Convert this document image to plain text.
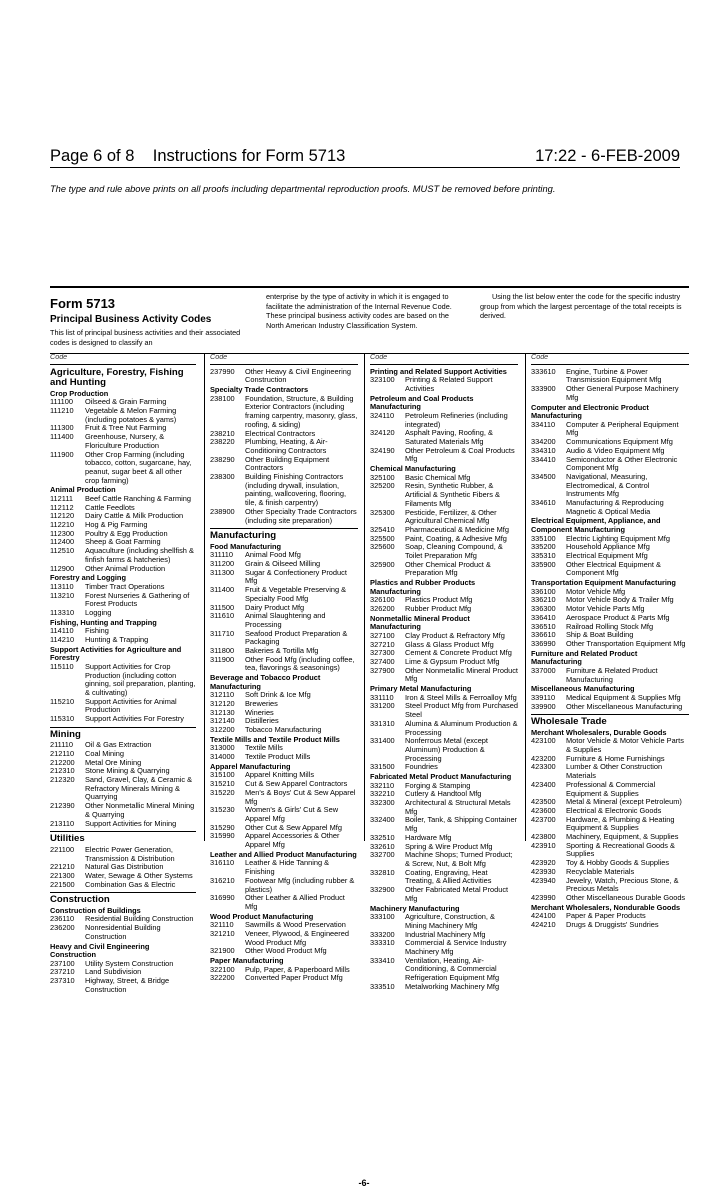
Page 6 of 8    Instructions for Form 5713	17:22 - 6-FEB-2009
The type and rule above prints on all proofs including departmental reproduction proofs. MUST be removed before printing.
Form 5713
Principal Business Activity Codes
This list of principal business activities and their associated codes is designed to classify an
enterprise by the type of activity in which it is engaged to facilitate the administration of the Internal Revenue Code. These principal business activity codes are based on the North American Industry Classification System.
Using the list below enter the code for the specific industry group from which the largest percentage of the total receipts is derived.
Code
Agriculture, Forestry, Fishing and Hunting
Crop Production
111100	Oilseed & Grain Farming
111210	Vegetable & Melon Farming (including potatoes & yams)
111300	Fruit & Tree Nut Farming
111400	Greenhouse, Nursery, & Floriculture Production
111900	Other Crop Farming (including tobacco, cotton, sugarcane, hay, peanut, sugar beet & all other crop farming)
Animal Production
112111	Beef Cattle Ranching & Farming
112112	Cattle Feedlots
112120	Dairy Cattle & Milk Production
112210	Hog & Pig Farming
112300	Poultry & Egg Production
112400	Sheep & Goat Farming
112510	Aquaculture (including shellfish & finfish farms & hatcheries)
112900	Other Animal Production
Forestry and Logging
113110	Timber Tract Operations
113210	Forest Nurseries & Gathering of Forest Products
113310	Logging
Fishing, Hunting and Trapping
114110	Fishing
114210	Hunting & Trapping
Support Activities for Agriculture and Forestry
115110	Support Activities for Crop Production (including cotton ginning, soil preparation, planting, & cultivating)
115210	Support Activities for Animal Production
115310	Support Activities For Forestry
Mining
211110	Oil & Gas Extraction
212110	Coal Mining
212200	Metal Ore Mining
212310	Stone Mining & Quarrying
212320	Sand, Gravel, Clay, & Ceramic & Refractory Minerals Mining & Quarrying
212390	Other Nonmetallic Mineral Mining & Quarrying
213110	Support Activities for Mining
Utilities
221100	Electric Power Generation, Transmission & Distribution
221210	Natural Gas Distribution
221300	Water, Sewage & Other Systems
221500	Combination Gas & Electric
Construction
Construction of Buildings
236110	Residential Building Construction
236200	Nonresidential Building Construction
Heavy and Civil Engineering Construction
237100	Utility System Construction
237210	Land Subdivision
237310	Highway, Street, & Bridge Construction
Code
237990	Other Heavy & Civil Engineering Construction
Specialty Trade Contractors
238100	Foundation, Structure, & Building Exterior Contractors (including framing carpentry, masonry, glass, roofing, & siding)
238210	Electrical Contractors
238220	Plumbing, Heating, & Air-Conditioning Contractors
238290	Other Building Equipment Contractors
238300	Building Finishing Contractors (including drywall, insulation, painting, wallcovering, flooring, tile, & finish carpentry)
238900	Other Specialty Trade Contractors (including site preparation)
Manufacturing
Food Manufacturing
311110	Animal Food Mfg
311200	Grain & Oilseed Milling
311300	Sugar & Confectionery Product Mfg
311400	Fruit & Vegetable Preserving & Specialty Food Mfg
311500	Dairy Product Mfg
311610	Animal Slaughtering and Processing
311710	Seafood Product Preparation & Packaging
311800	Bakeries & Tortilla Mfg
311900	Other Food Mfg (including coffee, tea, flavorings & seasonings)
Beverage and Tobacco Product Manufacturing
312110	Soft Drink & Ice Mfg
312120	Breweries
312130	Wineries
312140	Distilleries
312200	Tobacco Manufacturing
Textile Mills and Textile Product Mills
313000	Textile Mills
314000	Textile Product Mills
Apparel Manufacturing
315100	Apparel Knitting Mills
315210	Cut & Sew Apparel Contractors
315220	Men's & Boys' Cut & Sew Apparel Mfg
315230	Women's & Girls' Cut & Sew Apparel Mfg
315290	Other Cut & Sew Apparel Mfg
315990	Apparel Accessories & Other Apparel Mfg
Leather and Allied Product Manufacturing
316110	Leather & Hide Tanning & Finishing
316210	Footwear Mfg (including rubber & plastics)
316990	Other Leather & Allied Product Mfg
Wood Product Manufacturing
321110	Sawmills & Wood Preservation
321210	Veneer, Plywood, & Engineered Wood Product Mfg
321900	Other Wood Product Mfg
Paper Manufacturing
322100	Pulp, Paper, & Paperboard Mills
322200	Converted Paper Product Mfg
Code
Printing and Related Support Activities
323100	Printing & Related Support Activities
Petroleum and Coal Products Manufacturing
324110	Petroleum Refineries (including integrated)
324120	Asphalt Paving, Roofing, & Saturated Materials Mfg
324190	Other Petroleum & Coal Products Mfg
Chemical Manufacturing
325100	Basic Chemical Mfg
325200	Resin, Synthetic Rubber, & Artificial & Synthetic Fibers & Filaments Mfg
325300	Pesticide, Fertilizer, & Other Agricultural Chemical Mfg
325410	Pharmaceutical & Medicine Mfg
325500	Paint, Coating, & Adhesive Mfg
325600	Soap, Cleaning Compound, & Toilet Preparation Mfg
325900	Other Chemical Product & Preparation Mfg
Plastics and Rubber Products Manufacturing
326100	Plastics Product Mfg
326200	Rubber Product Mfg
Nonmetallic Mineral Product Manufacturing
327100	Clay Product & Refractory Mfg
327210	Glass & Glass Product Mfg
327300	Cement & Concrete Product Mfg
327400	Lime & Gypsum Product Mfg
327900	Other Nonmetallic Mineral Product Mfg
Primary Metal Manufacturing
331110	Iron & Steel Mills & Ferroalloy Mfg
331200	Steel Product Mfg from Purchased Steel
331310	Alumina & Aluminum Production & Processing
331400	Nonferrous Metal (except Aluminum) Production & Processing
331500	Foundries
Fabricated Metal Product Manufacturing
332110	Forging & Stamping
332210	Cutlery & Handtool Mfg
332300	Architectural & Structural Metals Mfg
332400	Boiler, Tank, & Shipping Container Mfg
332510	Hardware Mfg
332610	Spring & Wire Product Mfg
332700	Machine Shops; Turned Product; & Screw, Nut, & Bolt Mfg
332810	Coating, Engraving, Heat Treating, & Allied Activities
332900	Other Fabricated Metal Product Mfg
Machinery Manufacturing
333100	Agriculture, Construction, & Mining Machinery Mfg
333200	Industrial Machinery Mfg
333310	Commercial & Service Industry Machinery Mfg
333410	Ventilation, Heating, Air-Conditioning, & Commercial Refrigeration Equipment Mfg
333510	Metalworking Machinery Mfg
Code
333610	Engine, Turbine & Power Transmission Equipment Mfg
333900	Other General Purpose Machinery Mfg
Computer and Electronic Product Manufacturing
334110	Computer & Peripheral Equipment Mfg
334200	Communications Equipment Mfg
334310	Audio & Video Equipment Mfg
334410	Semiconductor & Other Electronic Component Mfg
334500	Navigational, Measuring, Electromedical, & Control Instruments Mfg
334610	Manufacturing & Reproducing Magnetic & Optical Media
Electrical Equipment, Appliance, and Component Manufacturing
335100	Electric Lighting Equipment Mfg
335200	Household Appliance Mfg
335310	Electrical Equipment Mfg
335900	Other Electrical Equipment & Component Mfg
Transportation Equipment Manufacturing
336100	Motor Vehicle Mfg
336210	Motor Vehicle Body & Trailer Mfg
336300	Motor Vehicle Parts Mfg
336410	Aerospace Product & Parts Mfg
336510	Railroad Rolling Stock Mfg
336610	Ship & Boat Building
336990	Other Transportation Equipment Mfg
Furniture and Related Product Manufacturing
337000	Furniture & Related Product Manufacturing
Miscellaneous Manufacturing
339110	Medical Equipment & Supplies Mfg
339900	Other Miscellaneous Manufacturing
Wholesale Trade
Merchant Wholesalers, Durable Goods
423100	Motor Vehicle & Motor Vehicle Parts & Supplies
423200	Furniture & Home Furnishings
423300	Lumber & Other Construction Materials
423400	Professional & Commercial Equipment & Supplies
423500	Metal & Mineral (except Petroleum)
423600	Electrical & Electronic Goods
423700	Hardware, & Plumbing & Heating Equipment & Supplies
423800	Machinery, Equipment, & Supplies
423910	Sporting & Recreational Goods & Supplies
423920	Toy & Hobby Goods & Supplies
423930	Recyclable Materials
423940	Jewelry, Watch, Precious Stone, & Precious Metals
423990	Other Miscellaneous Durable Goods
Merchant Wholesalers, Nondurable Goods
424100	Paper & Paper Products
424210	Drugs & Druggists' Sundries
-6-
